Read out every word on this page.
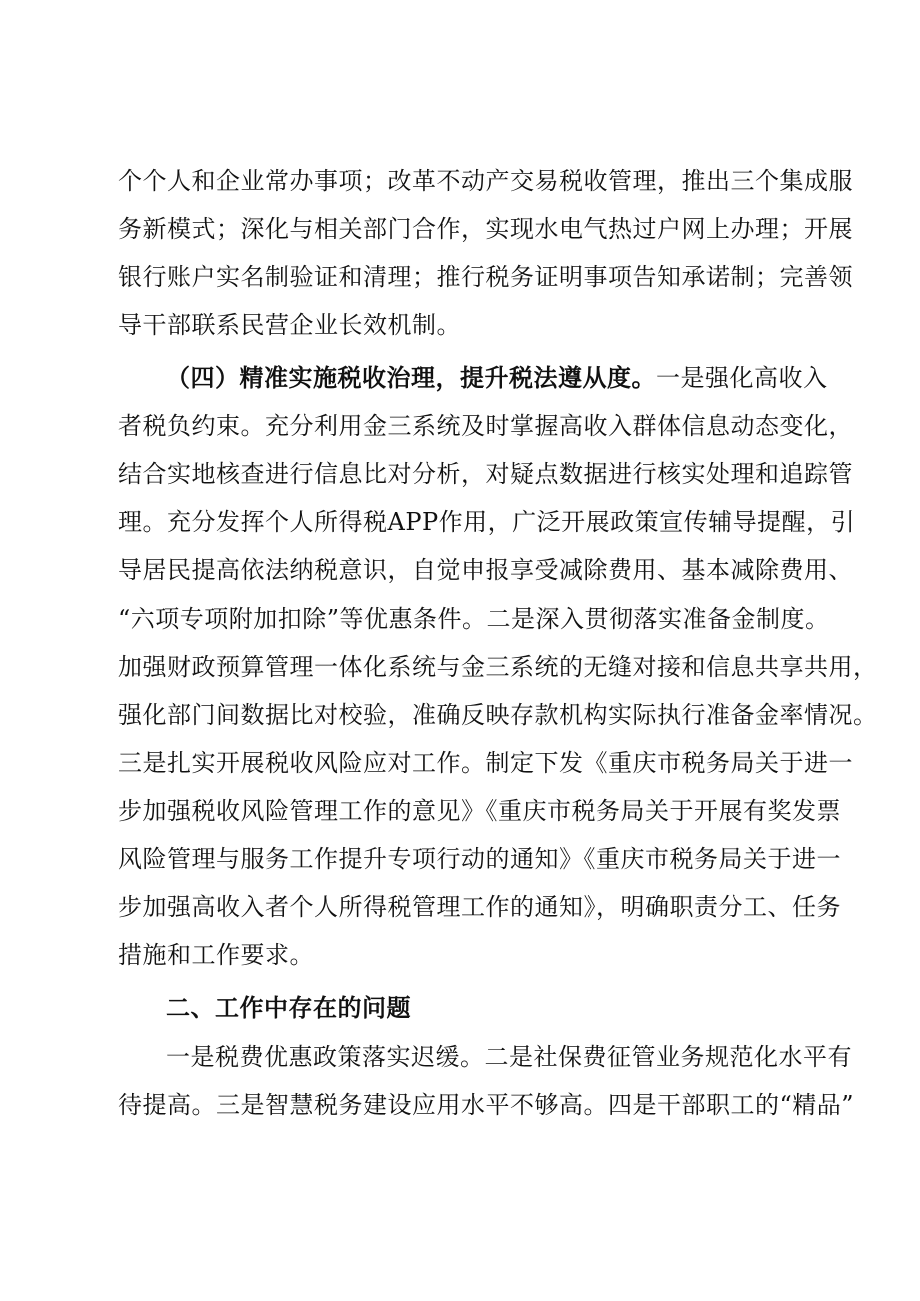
个个人和企业常办事项；改革不动产交易税收管理，推出三个集成服
务新模式；深化与相关部门合作，实现水电气热过户网上办理；开展
银行账户实名制验证和清理；推行税务证明事项告知承诺制；完善领
导干部联系民营企业长效机制。
（四）精准实施税收治理，提升税法遵从度。一是强化高收入
者税负约束。充分利用金三系统及时掌握高收入群体信息动态变化，
结合实地核查进行信息比对分析，对疑点数据进行核实处理和追踪管
理。充分发挥个人所得税APP作用，广泛开展政策宣传辅导提醒，引
导居民提高依法纳税意识，自觉申报享受减除费用、基本减除费用、
“六项专项附加扣除”等优惠条件。二是深入贯彻落实准备金制度。
加强财政预算管理一体化系统与金三系统的无缝对接和信息共享共用，
强化部门间数据比对校验，准确反映存款机构实际执行准备金率情况。
三是扎实开展税收风险应对工作。制定下发《重庆市税务局关于进一
步加强税收风险管理工作的意见》《重庆市税务局关于开展有奖发票
风险管理与服务工作提升专项行动的通知》《重庆市税务局关于进一
步加强高收入者个人所得税管理工作的通知》，明确职责分工、任务
措施和工作要求。
二、工作中存在的问题
一是税费优惠政策落实迟缓。二是社保费征管业务规范化水平有
待提高。三是智慧税务建设应用水平不够高。四是干部职工的“精品”
